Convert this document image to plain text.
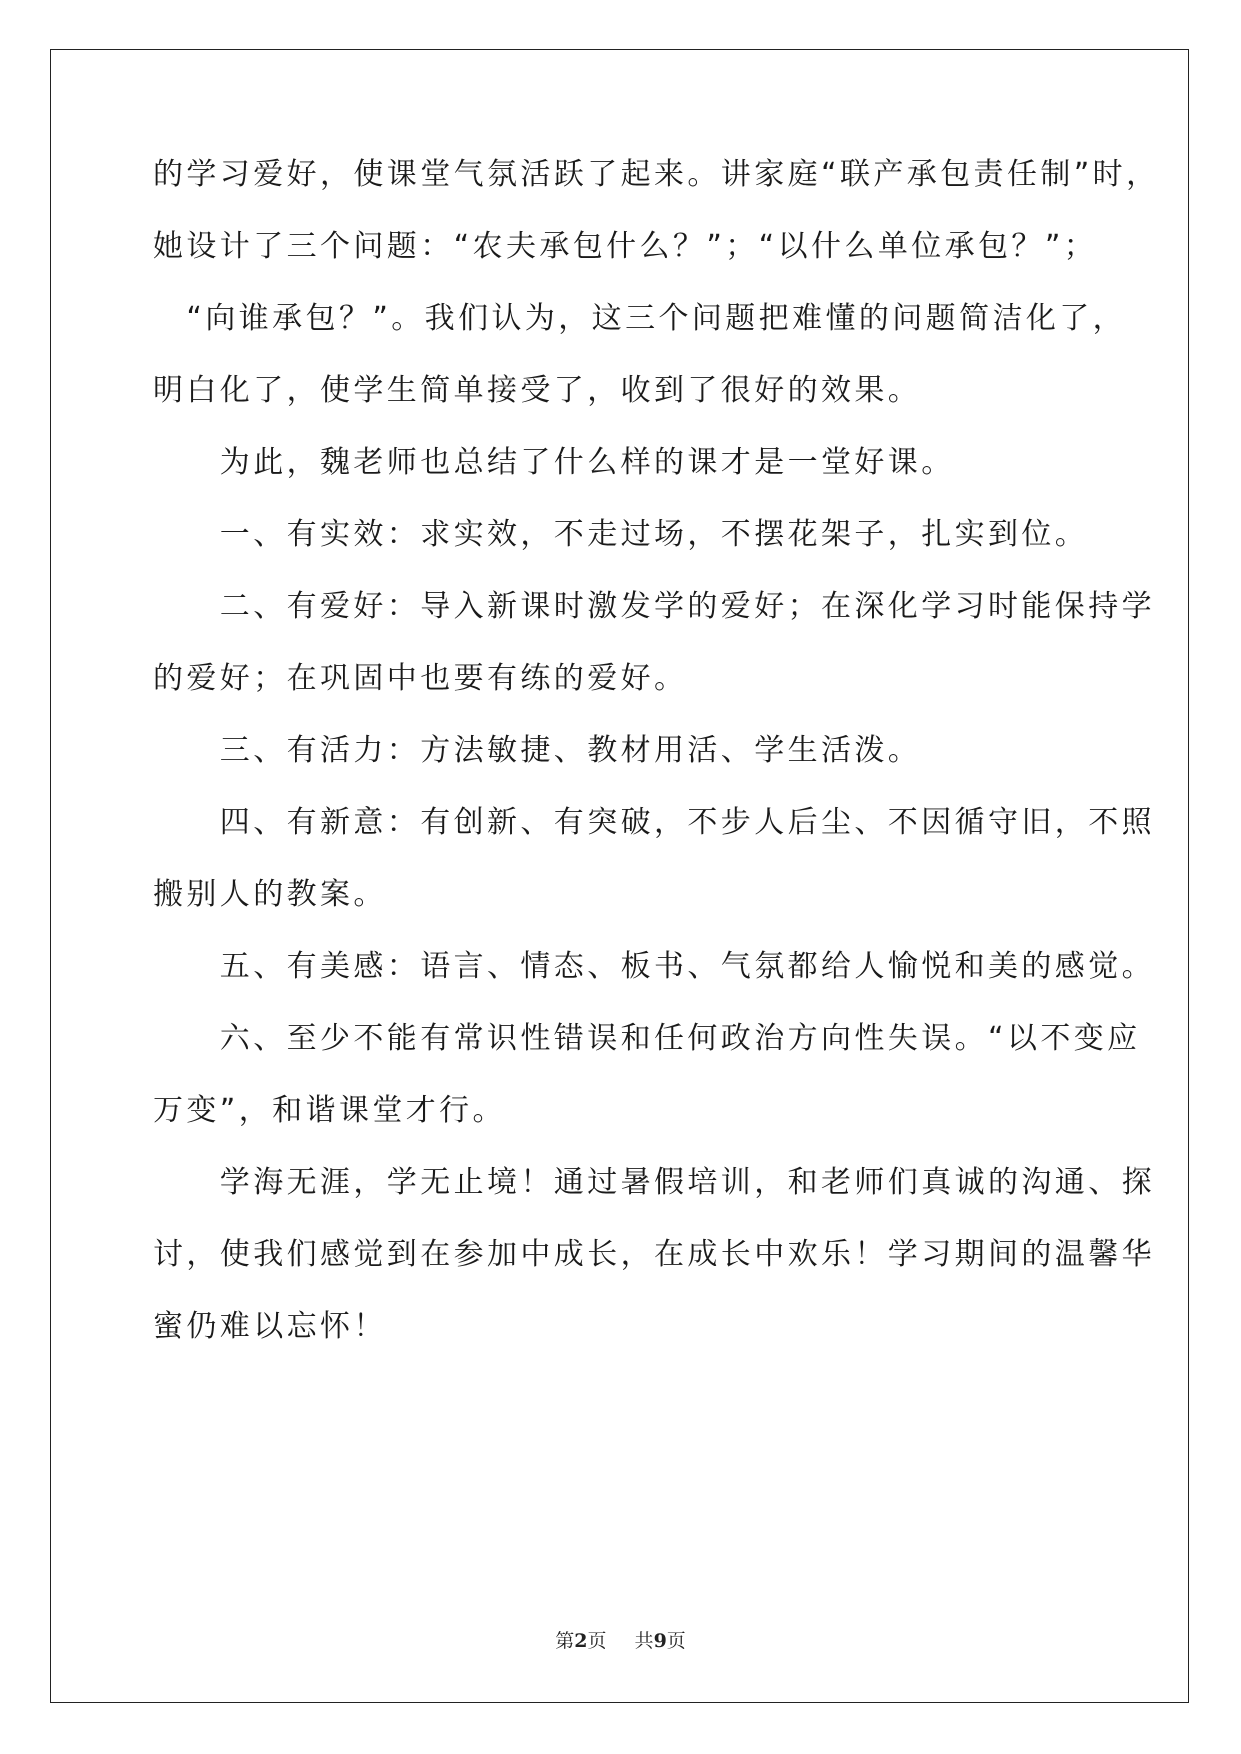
的学习爱好，使课堂气氛活跃了起来。讲家庭“联产承包责任制”时，
她设计了三个问题：“农夫承包什么？”；“以什么单位承包？”；
　“向谁承包？”。我们认为，这三个问题把难懂的问题简洁化了，
明白化了，使学生简单接受了，收到了很好的效果。
　　为此，魏老师也总结了什么样的课才是一堂好课。
　　一、有实效：求实效，不走过场，不摆花架子，扎实到位。
　　二、有爱好：导入新课时激发学的爱好；在深化学习时能保持学
的爱好；在巩固中也要有练的爱好。
　　三、有活力：方法敏捷、教材用活、学生活泼。
　　四、有新意：有创新、有突破，不步人后尘、不因循守旧，不照
搬别人的教案。
　　五、有美感：语言、情态、板书、气氛都给人愉悦和美的感觉。
　　六、至少不能有常识性错误和任何政治方向性失误。“以不变应
万变”，和谐课堂才行。
　　学海无涯，学无止境！通过暑假培训，和老师们真诚的沟通、探
讨，使我们感觉到在参加中成长，在成长中欢乐！学习期间的温馨华
蜜仍难以忘怀！
第2页 共9页
